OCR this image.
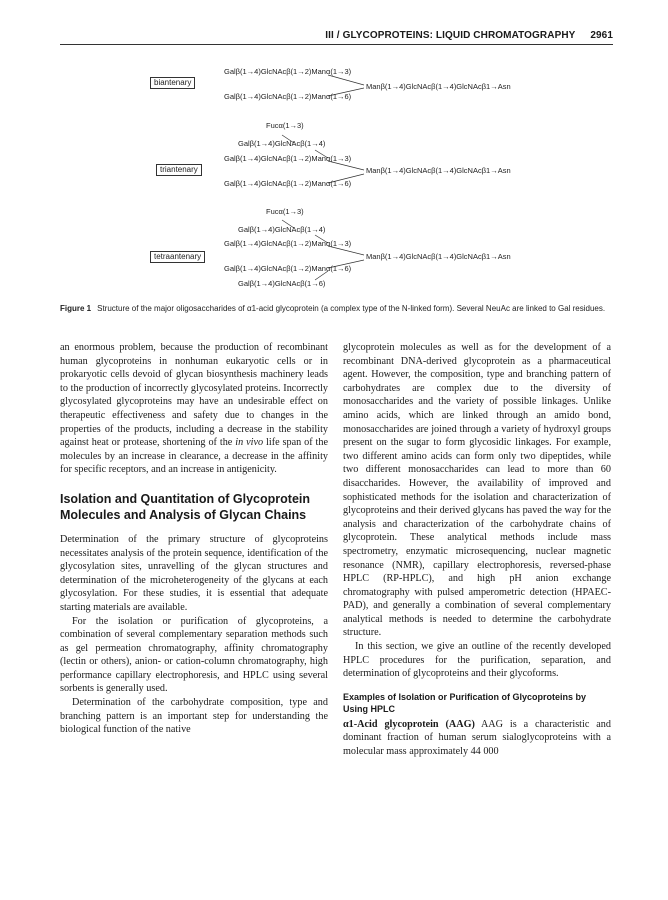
III / GLYCOPROTEINS: LIQUID CHROMATOGRAPHY 2961
biantenary
Galβ(1→4)GlcNAcβ(1→2)Manα(1→3)
Manβ(1→4)GlcNAcβ(1→4)GlcNAcβ1→Asn
Galβ(1→4)GlcNAcβ(1→2)Manα(1→6)
Fucα(1→3)
Galβ(1→4)GlcNAcβ(1→4)
Galβ(1→4)GlcNAcβ(1→2)Manα(1→3)
triantenary	Manβ(1→4)GlcNAcβ(1→4)GlcNAcβ1→Asn
Galβ(1→4)GlcNAcβ(1→2)Manα(1→6)
Fucα(1→3)
Galβ(1→4)GlcNAcβ(1→4)
Galβ(1→4)GlcNAcβ(1→2)Manα(1→3)
tetraantenary	Manβ(1→4)GlcNAcβ(1→4)GlcNAcβ1→Asn
Galβ(1→4)GlcNAcβ(1→2)Manα(1→6)
Galβ(1→4)GlcNAcβ(1→6)
Figure 1 Structure of the major oligosaccharides of α1-acid glycoprotein (a complex type of the N-linked form). Several NeuAc are linked to Gal residues.

an enormous problem, because the production of recombinant human glycoproteins in nonhuman eukaryotic cells or in prokaryotic cells devoid of glycan biosynthesis machinery leads to the production of incorrectly glycosylated proteins. Incorrectly glycosylated glycoproteins may have an undesirable effect on therapeutic effectiveness and safety due to changes in the properties of the products, including a decrease in the stability against heat or protease, shortening of the in vivo life span of the molecules by an increase in clearance, a decrease in the affinity for specific receptors, and an increase in antigenicity.

Isolation and Quantitation of Glycoprotein Molecules and Analysis of Glycan Chains

Determination of the primary structure of glycoproteins necessitates analysis of the protein sequence, identification of the glycosylation sites, unravelling of the glycan structures and determination of the microheterogeneity of the glycans at each glycosylation. For these studies, it is essential that adequate starting materials are available.

For the isolation or purification of glycoproteins, a combination of several complementary separation methods such as gel permeation chromatography, affinity chromatography (lectin or others), anion- or cation-column chromatography, high performance capillary electrophoresis, and HPLC using several sorbents is generally used.

Determination of the carbohydrate composition, type and branching pattern is an important step for understanding the biological function of the native

glycoprotein molecules as well as for the development of a recombinant DNA-derived glycoprotein as a pharmaceutical agent. However, the composition, type and branching pattern of carbohydrates are complex due to the diversity of monosaccharides and the variety of possible linkages. Unlike amino acids, which are linked through an amido bond, monosaccharides are joined through a variety of hydroxyl groups present on the sugar to form glycosidic linkages. For example, two different amino acids can form only two dipeptides, while two different monosaccharides can lead to more than 60 disaccharides. However, the availability of improved and sophisticated methods for the isolation and characterization of glycoproteins and their derived glycans has paved the way for the analysis and characterization of the carbohydrate chains of glycoprotein. These analytical methods include mass spectrometry, enzymatic microsequencing, nuclear magnetic resonance (NMR), capillary electrophoresis, reversed-phase HPLC (RP-HPLC), and high pH anion exchange chromatography with pulsed amperometric detection (HPAEC-PAD), and generally a combination of several complementary analytical methods is needed to determine the carbohydrate structure.

In this section, we give an outline of the recently developed HPLC procedures for the purification, separation, and determination of glycoproteins and their glycoforms.

Examples of Isolation or Purification of Glycoproteins by Using HPLC

α1-Acid glycoprotein (AAG) AAG is a characteristic and dominant fraction of human serum sialoglycoproteins with a molecular mass approximately 44 000
